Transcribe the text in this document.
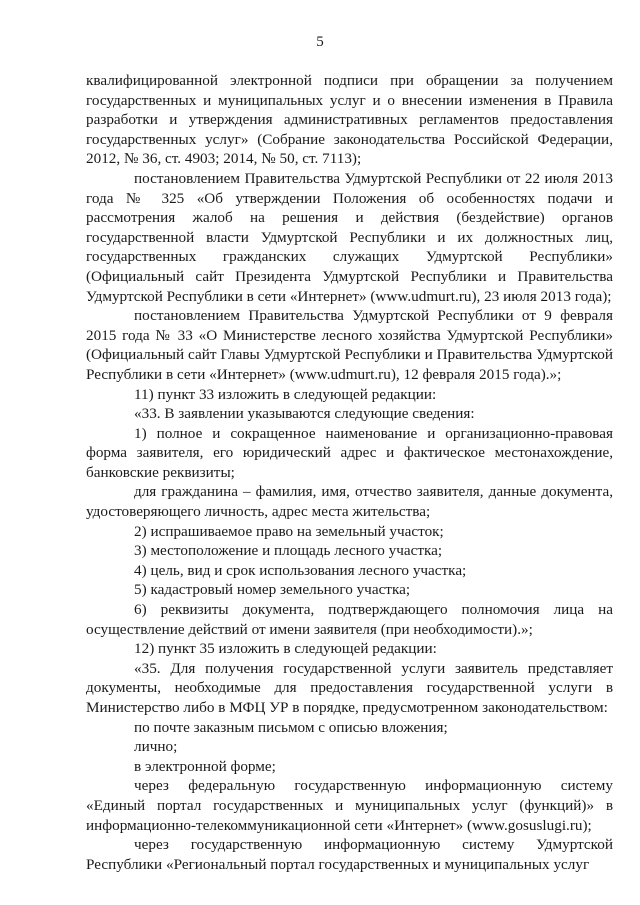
5

квалифицированной электронной подписи при обращении за получением государственных и муниципальных услуг и о внесении изменения в Правила разработки и утверждения административных регламентов предоставления государственных услуг» (Собрание законодательства Российской Федерации, 2012, № 36, ст. 4903; 2014, № 50, ст. 7113);

постановлением Правительства Удмуртской Республики от 22 июля 2013 года № 325 «Об утверждении Положения об особенностях подачи и рассмотрения жалоб на решения и действия (бездействие) органов государственной власти Удмуртской Республики и их должностных лиц, государственных гражданских служащих Удмуртской Республики» (Официальный сайт Президента Удмуртской Республики и Правительства Удмуртской Республики в сети «Интернет» (www.udmurt.ru), 23 июля 2013 года);

постановлением Правительства Удмуртской Республики от 9 февраля 2015 года № 33 «О Министерстве лесного хозяйства Удмуртской Республики» (Официальный сайт Главы Удмуртской Республики и Правительства Удмуртской Республики в сети «Интернет» (www.udmurt.ru), 12 февраля 2015 года).»;

11) пункт 33 изложить в следующей редакции:

«33. В заявлении указываются следующие сведения:

1) полное и сокращенное наименование и организационно-правовая форма заявителя, его юридический адрес и фактическое местонахождение, банковские реквизиты;

для гражданина – фамилия, имя, отчество заявителя, данные документа, удостоверяющего личность, адрес места жительства;

2) испрашиваемое право на земельный участок;

3) местоположение и площадь лесного участка;

4) цель, вид и срок использования лесного участка;

5) кадастровый номер земельного участка;

6) реквизиты документа, подтверждающего полномочия лица на осуществление действий от имени заявителя (при необходимости).»;

12) пункт 35 изложить в следующей редакции:

«35. Для получения государственной услуги заявитель представляет документы, необходимые для предоставления государственной услуги в Министерство либо в МФЦ УР в порядке, предусмотренном законодательством:

по почте заказным письмом с описью вложения;

лично;

в электронной форме;

через федеральную государственную информационную систему «Единый портал государственных и муниципальных услуг (функций)» в информационно-телекоммуникационной сети «Интернет» (www.gosuslugi.ru);

через государственную информационную систему Удмуртской Республики «Региональный портал государственных и муниципальных услуг
